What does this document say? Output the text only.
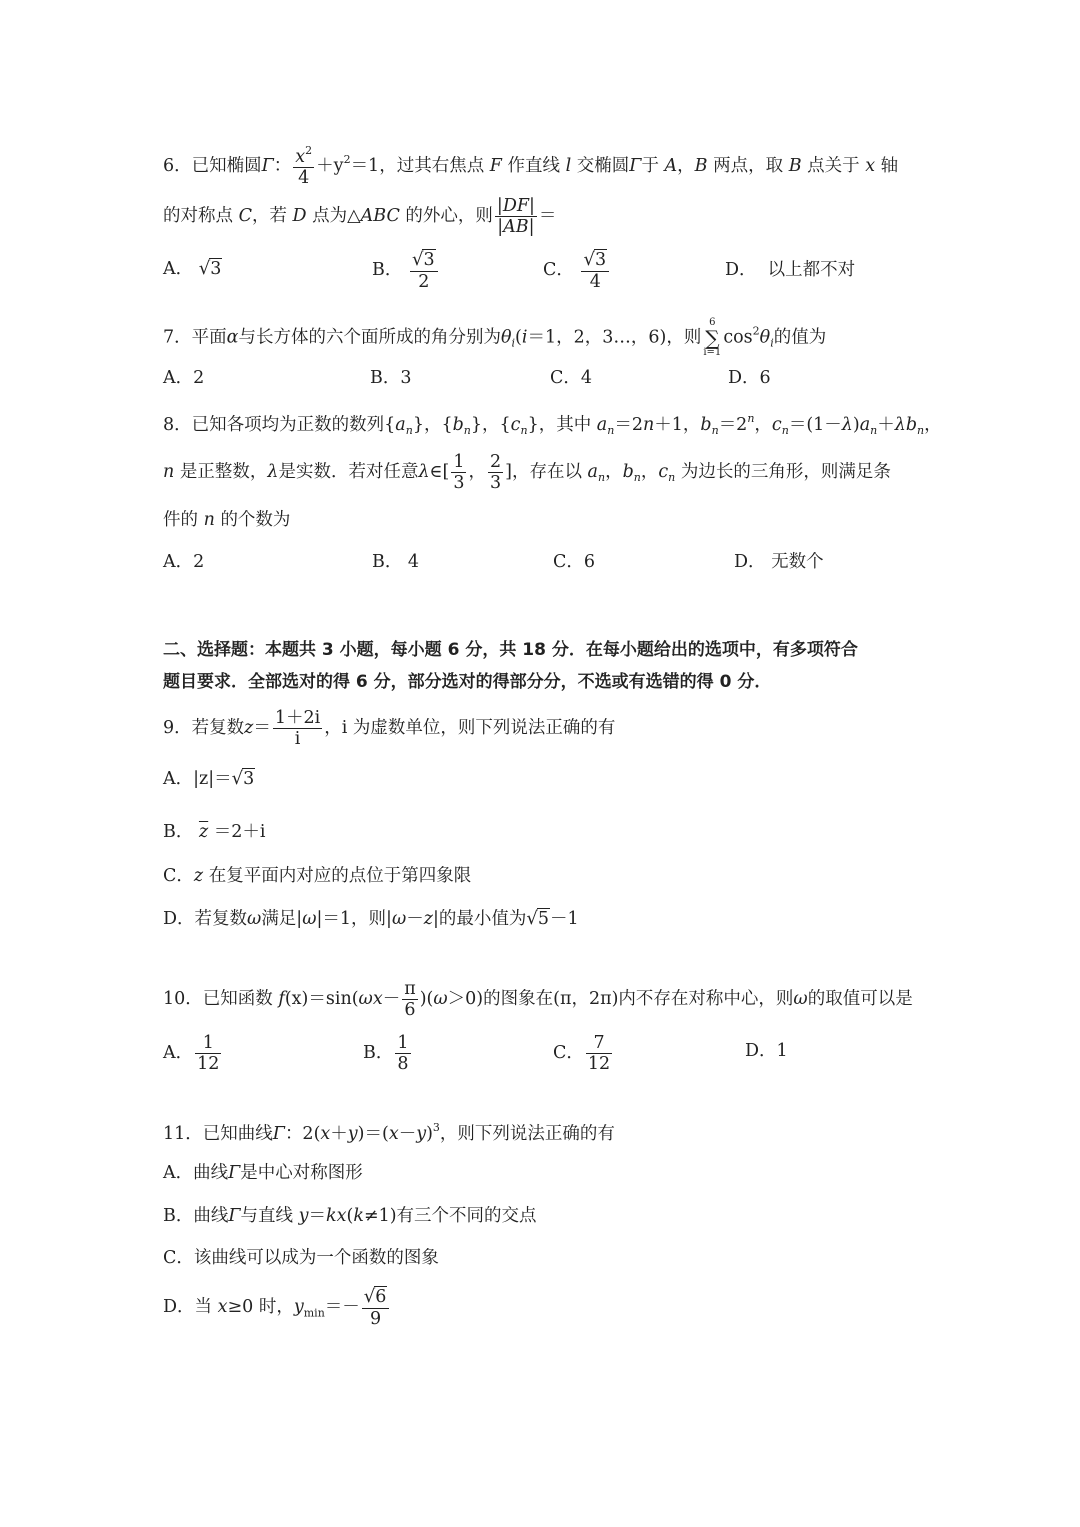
6．已知椭圆Γ： $\frac{x^2}{4} +y^2=1$，过其右焦点 F 作直线 l 交椭圆Γ于 A，B 两点，取 B 点关于 x 轴
的对称点 C，若 D 点为△ABC 的外心，则 $\frac{|DF|}{|AB|}$ ＝
A． √3	B． $\frac{√3}{2}$	C． $\frac{√3}{4}$	D． 以上都不对
7．平面α与长方体的六个面所成的角分别为$\theta_i(i=1$，2，3…，6)，则
6
∑
i=1
$\cos^2\theta_i$的值为
A．2	B．3	C．4	D．6
8．已知各项均为正数的数列$\{a_n\}$，$\{b_n\}$，$\{c_n\}$，其中 $a_n=2n+1$，$b_n=2^n$，$c_n=(1-\lambda)a_n+\lambda b_n$，
n 是正整数，λ是实数．若对任意λ∈[ $\frac{1}{3}$ ， $\frac{2}{3}$ ]，存在以 $a_n$，$b_n$，$c_n$ 为边长的三角形，则满足条
件的 n 的个数为
A．2	B． 4	C．6	D． 无数个
二、选择题：本题共 3 小题，每小题 6 分，共 18 分．在每小题给出的选项中，有多项符合
题目要求．全部选对的得 6 分，部分选对的得部分分，不选或有选错的得 0 分．
9．若复数$z= \frac{1+2i}{i}$ ，i 为虚数单位，则下列说法正确的有
A．|z|＝√3
B． $\overline{z} =2+i$
C．z 在复平面内对应的点位于第四象限
D．若复数ω满足|ω|＝1，则|ω－z|的最小值为√5－1
10．已知函数 $f(x)=\sin(\omega x- \frac{\pi}{6} )(\omega>0)$的图象在(π，2π)内不存在对称中心，则ω的取值可以是
A． $\frac{1}{12}$	B． $\frac{1}{8}$	C． $\frac{7}{12}$	D．1
11．已知曲线Γ：$2(x+y)=(x-y)^3$，则下列说法正确的有
A．曲线Γ是中心对称图形
B．曲线Γ与直线 y＝kx(k≠1)有三个不同的交点
C．该曲线可以成为一个函数的图象
D．当 x≥0 时，$y_{min}=- \frac{√6}{9}$
